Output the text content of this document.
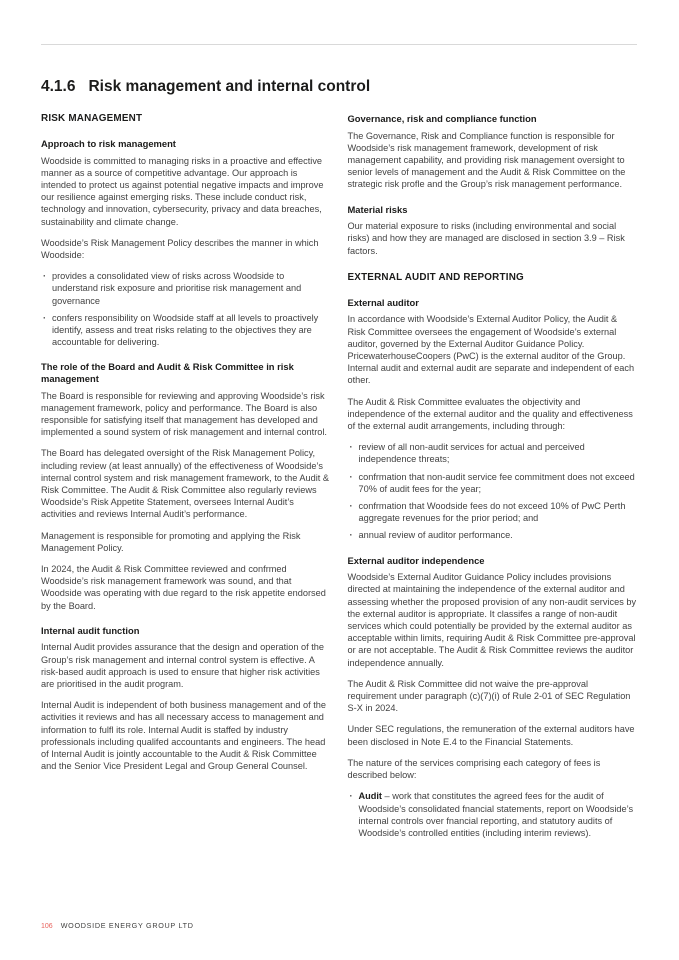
4.1.6 Risk management and internal control
RISK MANAGEMENT
Approach to risk management

Woodside is committed to managing risks in a proactive and effective manner as a source of competitive advantage. Our approach is intended to protect us against potential negative impacts and improve our resilience against emerging risks. These include conduct risk, technology and innovation, cybersecurity, privacy and data breaches, sustainability and climate change.

Woodside’s Risk Management Policy describes the manner in which Woodside:

· provides a consolidated view of risks across Woodside to understand risk exposure and prioritise risk management and governance
· confers responsibility on Woodside staff at all levels to proactively identify, assess and treat risks relating to the objectives they are accountable for delivering.
The role of the Board and Audit & Risk Committee in risk management

The Board is responsible for reviewing and approving Woodside’s risk management framework, policy and performance. The Board is also responsible for satisfying itself that management has developed and implemented a sound system of risk management and internal control.

The Board has delegated oversight of the Risk Management Policy, including review (at least annually) of the effectiveness of Woodside’s internal control system and risk management framework, to the Audit & Risk Committee. The Audit & Risk Committee also regularly reviews Woodside’s Risk Appetite Statement, oversees Internal Audit’s activities and reviews Internal Audit’s performance.

Management is responsible for promoting and applying the Risk Management Policy.

In 2024, the Audit & Risk Committee reviewed and confrmed Woodside’s risk management framework was sound, and that Woodside was operating with due regard to the risk appetite endorsed by the Board.

Internal audit function

Internal Audit provides assurance that the design and operation of the Group’s risk management and internal control system is effective. A risk-based audit approach is used to ensure that higher risk activities are prioritised in the audit program.

Internal Audit is independent of both business management and of the activities it reviews and has all necessary access to management and information to fulfl its role. Internal Audit is staffed by industry professionals including qualifed accountants and engineers. The head of Internal Audit is jointly accountable to the Audit & Risk Committee and the Senior Vice President Legal and Group General Counsel.

Governance, risk and compliance function

The Governance, Risk and Compliance function is responsible for Woodside’s risk management framework, development of risk management capability, and providing risk management oversight to senior levels of management and the Audit & Risk Committee on the strategic risk profle and the Group’s risk management performance.

Material risks

Our material exposure to risks (including environmental and social risks) and how they are managed are disclosed in section 3.9 – Risk factors.

EXTERNAL AUDIT AND REPORTING
External auditor

In accordance with Woodside’s External Auditor Policy, the Audit & Risk Committee oversees the engagement of Woodside’s external auditor, governed by the External Auditor Guidance Policy. PricewaterhouseCoopers (PwC) is the external auditor of the Group. Internal audit and external audit are separate and independent of each other.

The Audit & Risk Committee evaluates the objectivity and independence of the external auditor and the quality and effectiveness of the external audit arrangements, including through:

· review of all non-audit services for actual and perceived independence threats;
· confrmation that non-audit service fee commitment does not exceed 70% of audit fees for the year;
· confrmation that Woodside fees do not exceed 10% of PwC Perth aggregate revenues for the prior period; and
· annual review of auditor performance.
External auditor independence

Woodside’s External Auditor Guidance Policy includes provisions directed at maintaining the independence of the external auditor and assessing whether the proposed provision of any non-audit services by the external auditor is appropriate. It classifes a range of non-audit services which could potentially be provided by the external auditor as acceptable within limits, requiring Audit & Risk Committee pre-approval or are not acceptable. The Audit & Risk Committee reviews the auditor independence annually.

The Audit & Risk Committee did not waive the pre-approval requirement under paragraph (c)(7)(i) of Rule 2-01 of SEC Regulation S-X in 2024.

Under SEC regulations, the remuneration of the external auditors have been disclosed in Note E.4 to the Financial Statements.

The nature of the services comprising each category of fees is described below:

· Audit – work that constitutes the agreed fees for the audit of Woodside’s consolidated fnancial statements, report on Woodside’s internal controls over fnancial reporting, and statutory audits of Woodside’s controlled entities (including interim reviews).
106 WOODSIDE ENERGY GROUP LTD
